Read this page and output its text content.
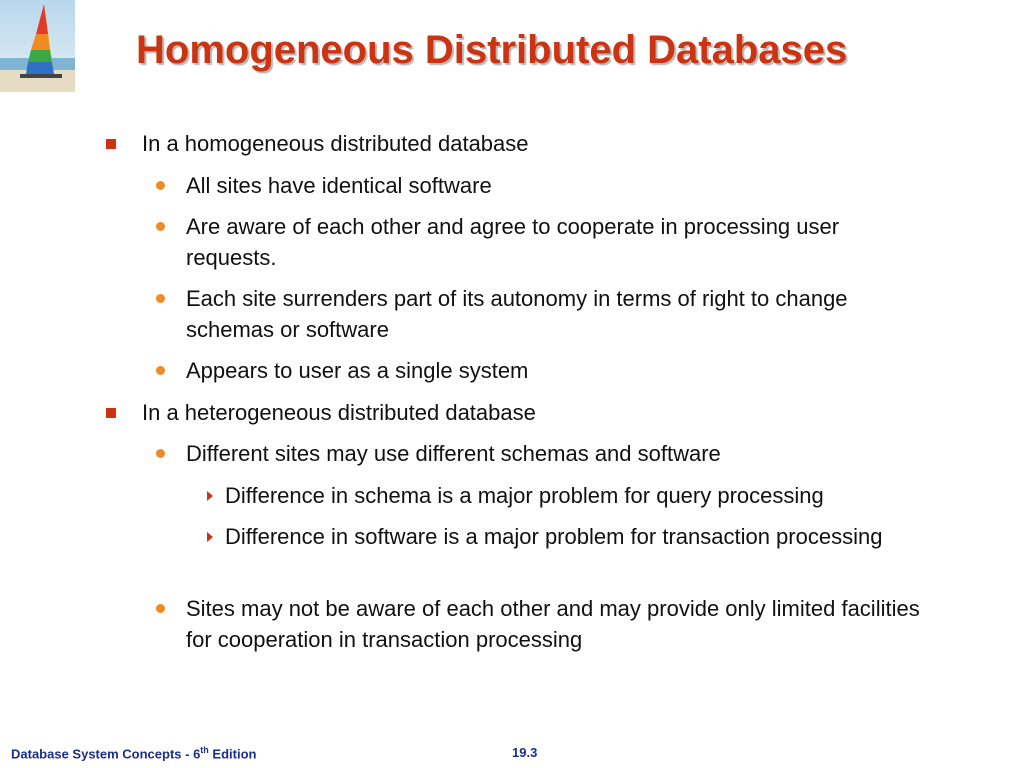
Homogeneous Distributed Databases
In a homogeneous distributed database
All sites have identical software
Are aware of each other and agree to cooperate in processing user requests.
Each site surrenders part of its autonomy in terms of right to change schemas or software
Appears to user as a single system
In a heterogeneous distributed database
Different sites may use different schemas and software
Difference in schema is a major problem for query processing
Difference in software is a major problem for transaction processing
Sites may not be aware of each other and may provide only limited facilities for cooperation in transaction processing
Database System Concepts - 6th Edition	19.3
